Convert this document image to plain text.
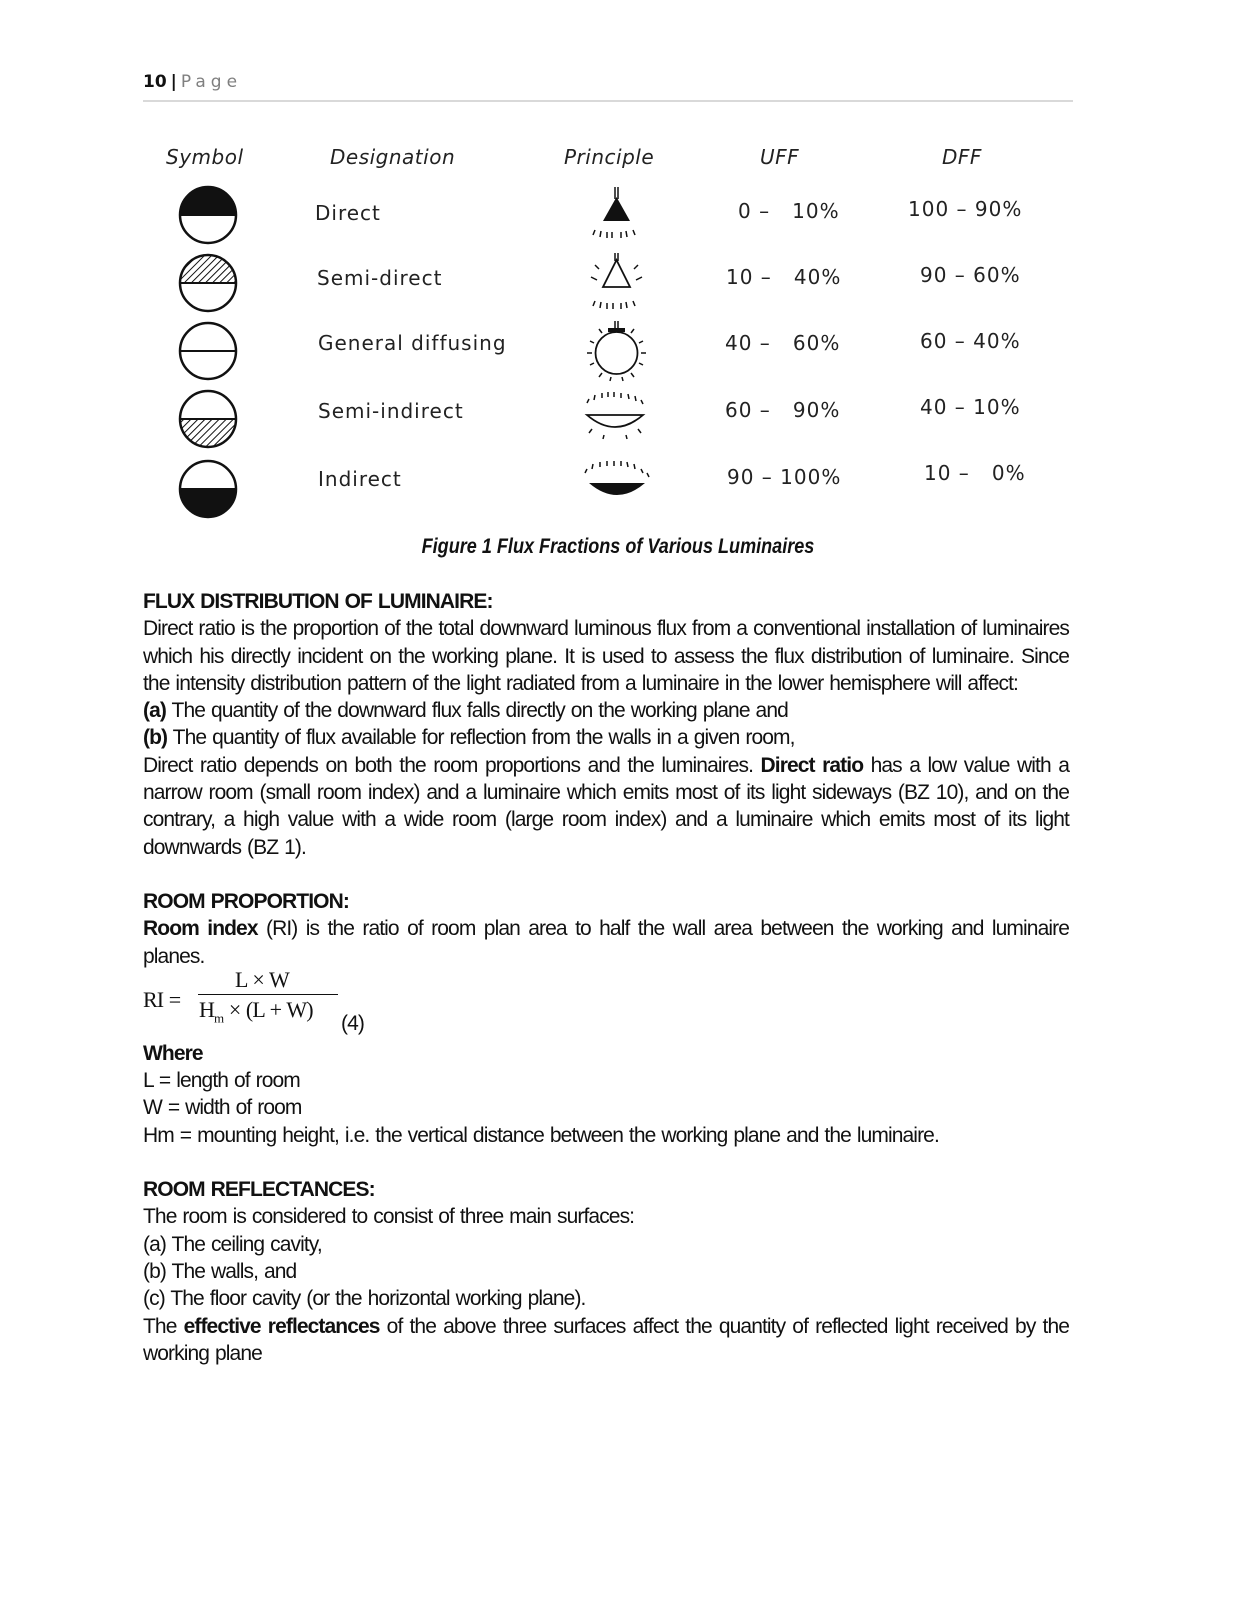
10 | Page
Symbol	Designation	Principle	UFF	DFF
Direct	0 –   10%	100 – 90%
Semi-direct	10 –   40%	90 – 60%
General diffusing	40 –   60%	60 – 40%
Semi-indirect	60 –   90%	40 – 10%
Indirect	90 – 100%	10 –   0%
Figure 1 Flux Fractions of Various Luminaires
FLUX DISTRIBUTION OF LUMINAIRE:

Direct ratio is the proportion of the total downward luminous flux from a conventional installation of luminaires which his directly incident on the working plane. It is used to assess the flux distribution of luminaire. Since the intensity distribution pattern of the light radiated from a luminaire in the lower hemisphere will affect:

(a) The quantity of the downward flux falls directly on the working plane and
(b) The quantity of flux available for reflection from the walls in a given room,

Direct ratio depends on both the room proportions and the luminaires. Direct ratio has a low value with a narrow room (small room index) and a luminaire which emits most of its light sideways (BZ 10), and on the contrary, a high value with a wide room (large room index) and a luminaire which emits most of its light downwards (BZ 1).

ROOM PROPORTION:

Room index (RI) is the ratio of room plan area to half the wall area between the working and luminaire planes.

RI =
L × W
$H_m \times (L + W)$
(4)
Where
L = length of room
W = width of room
Hm = mounting height, i.e. the vertical distance between the working plane and the luminaire.
ROOM REFLECTANCES:
The room is considered to consist of three main surfaces:
(a) The ceiling cavity,
(b) The walls, and
(c) The floor cavity (or the horizontal working plane).

The effective reflectances of the above three surfaces affect the quantity of reflected light received by the working plane
